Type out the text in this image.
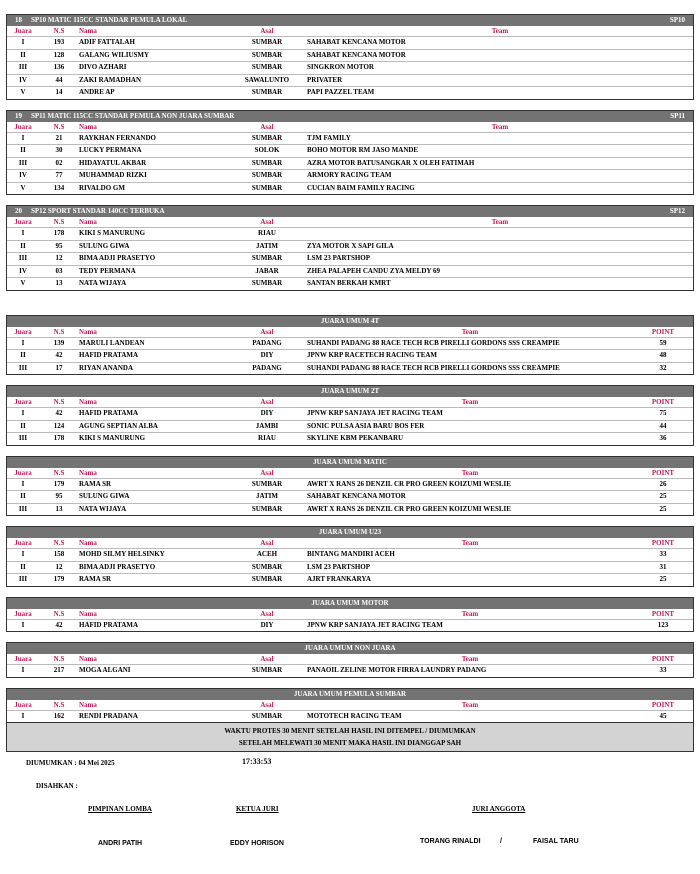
18 SP10 MATIC 115CC STANDAR PEMULA LOKAL	SP10
Juara	N.S	Nama	Asal	Team
I	193	ADIF FATTALAH	SUMBAR	SAHABAT KENCANA MOTOR
II	128	GALANG WILIUSMY	SUMBAR	SAHABAT KENCANA MOTOR
III	136	DIVO AZHARI	SUMBAR	SINGKRON MOTOR
IV	44	ZAKI RAMADHAN	SAWALUNTO	PRIVATER
V	14	ANDRE AP	SUMBAR	PAPI PAZZEL TEAM
19 SP11 MATIC 115CC STANDAR PEMULA NON JUARA SUMBAR	SP11
Juara	N.S	Nama	Asal	Team
I	21	RAYKHAN FERNANDO	SUMBAR	TJM FAMILY
II	30	LUCKY PERMANA	SOLOK	BOHO MOTOR RM JASO MANDE
III	02	HIDAYATUL AKBAR	SUMBAR	AZRA MOTOR BATUSANGKAR X OLEH FATIMAH
IV	77	MUHAMMAD RIZKI	SUMBAR	ARMORY RACING TEAM
V	134	RIVALDO GM	SUMBAR	CUCIAN BAIM FAMILY RACING
20 SP12 SPORT STANDAR 140CC TERBUKA	SP12
Juara	N.S	Nama	Asal	Team
I	178	KIKI S MANURUNG	RIAU	
II	95	SULUNG GIWA	JATIM	ZYA MOTOR X SAPI GILA
III	12	BIMA ADJI PRASETYO	SUMBAR	LSM 23 PARTSHOP
IV	03	TEDY PERMANA	JABAR	ZHEA PALAPEH CANDU ZYA MELDY 69
V	13	NATA WIJAYA	SUMBAR	SANTAN BERKAH KMRT
JUARA UMUM 4T
Juara	N.S	Nama	Asal	Team	POINT
I	139	MARULI LANDEAN	PADANG	SUHANDI PADANG 88 RACE TECH RCB PIRELLI GORDONS SSS CREAMPIE	59
II	42	HAFID PRATAMA	DIY	JPNW KRP RACETECH RACING TEAM	48
III	17	RIYAN ANANDA	PADANG	SUHANDI PADANG 88 RACE TECH RCB PIRELLI GORDONS SSS CREAMPIE	32
JUARA UMUM 2T
Juara	N.S	Nama	Asal	Team	POINT
I	42	HAFID PRATAMA	DIY	JPNW KRP SANJAYA JET RACING TEAM	75
II	124	AGUNG SEPTIAN ALBA	JAMBI	SONIC PULSA ASIA BARU BOS FER	44
III	178	KIKI S MANURUNG	RIAU	SKYLINE KBM PEKANBARU	36
JUARA UMUM MATIC
Juara	N.S	Nama	Asal	Team	POINT
I	179	RAMA SR	SUMBAR	AWRT X RANS 26 DENZIL CR PRO GREEN KOIZUMI WESLIE	26
II	95	SULUNG GIWA	JATIM	SAHABAT KENCANA MOTOR	25
III	13	NATA WIJAYA	SUMBAR	AWRT X RANS 26 DENZIL CR PRO GREEN KOIZUMI WESLIE	25
JUARA UMUM U23
Juara	N.S	Nama	Asal	Team	POINT
I	158	MOHD SILMY HELSINKY	ACEH	BINTANG MANDIRI ACEH	33
II	12	BIMA ADJI PRASETYO	SUMBAR	LSM 23 PARTSHOP	31
III	179	RAMA SR	SUMBAR	AJRT FRANKARYA	25
JUARA UMUM MOTOR
Juara	N.S	Nama	Asal	Team	POINT
I	42	HAFID PRATAMA	DIY	JPNW KRP SANJAYA JET RACING TEAM	123
JUARA UMUM NON JUARA
Juara	N.S	Nama	Asal	Team	POINT
I	217	MOGA ALGANI	SUMBAR	PANAOIL ZELINE MOTOR FIRRA LAUNDRY PADANG	33
JUARA UMUM PEMULA SUMBAR
Juara	N.S	Nama	Asal	Team	POINT
I	162	RENDI PRADANA	SUMBAR	MOTOTECH RACING TEAM	45
WAKTU PROTES 30 MENIT SETELAH HASIL INI DITEMPEL / DIUMUMKAN
SETELAH MELEWATI 30 MENIT MAKA HASIL INI DIANGGAP SAH
DIUMUMKAN : 04 Mei 2025	17:33:53
DISAHKAN :
PIMPINAN LOMBA	KETUA JURI	JURI ANGGOTA
ANDRI PATIH	EDDY HORISON	TORANG RINALDI	/	FAISAL TARU
